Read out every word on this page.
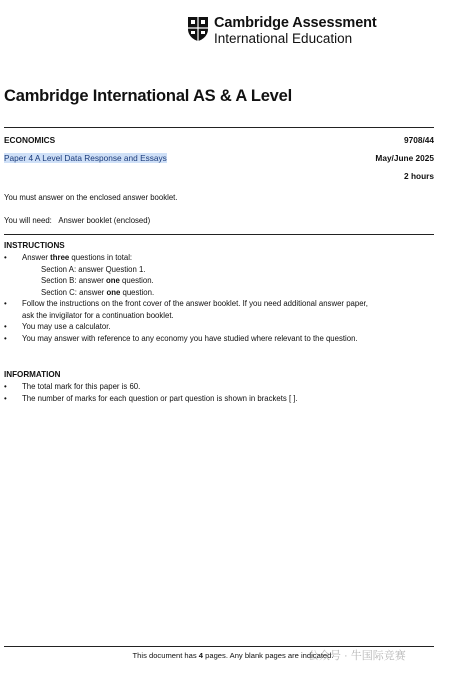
Cambridge Assessment
International Education
Cambridge International AS & A Level
ECONOMICS	9708/44
Paper 4 A Level Data Response and Essays	May/June 2025
2 hours
You must answer on the enclosed answer booklet.
You will need: Answer booklet (enclosed)
INSTRUCTIONS
• Answer three questions in total:
Section A: answer Question 1.
Section B: answer one question.
Section C: answer one question.
• Follow the instructions on the front cover of the answer booklet. If you need additional answer paper,
ask the invigilator for a continuation booklet.
• You may use a calculator.
• You may answer with reference to any economy you have studied where relevant to the question.
INFORMATION
• The total mark for this paper is 60.
• The number of marks for each question or part question is shown in brackets [ ].
This document has 4 pages. Any blank pages are indicated.
公众号 · 牛国际竞赛
